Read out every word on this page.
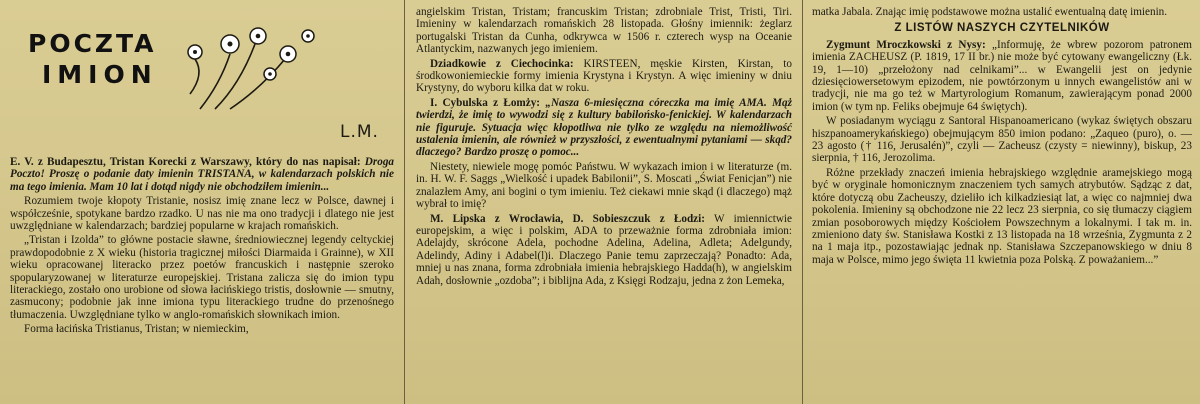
POCZTA
IMION
L.M.

E. V. z Budapesztu, Tristan Korecki z Warszawy, który do nas napisał: Droga Poczto! Proszę o podanie daty imienin TRISTANA, w kalendarzach polskich nie ma tego imienia. Mam 10 lat i dotąd nigdy nie obchodziłem imienin...

Rozumiem twoje kłopoty Tristanie, nosisz imię znane lecz w Polsce, dawnej i współcześnie, spotykane bardzo rzadko. U nas nie ma ono tradycji i dlatego nie jest uwzględniane w kalendarzach; bardziej popularne w krajach romańskich.

„Tristan i Izolda” to główne postacie sławne, średniowiecznej legendy celtyckiej prawdopodobnie z X wieku (historia tragicznej miłości Diarmaida i Grainne), w XII wieku opracowanej literacko przez poetów francuskich i następnie szeroko spopularyzowanej w literaturze europejskiej. Tristana zalicza się do imion typu literackiego, zostało ono urobione od słowa łacińskiego tristis, dosłownie — smutny, zasmucony; podobnie jak inne imiona typu literackiego trudne do przenośnego tłumaczenia. Uwzględniane tylko w anglo-romańskich słownikach imion.

Forma łacińska Tristianus, Tristan; w niemieckim,

angielskim Tristan, Tristam; francuskim Tristan; zdrobniale Trist, Tristi, Tiri. Imieniny w kalendarzach romańskich 28 listopada. Głośny imiennik: żeglarz portugalski Tristan da Cunha, odkrywca w 1506 r. czterech wysp na Oceanie Atlantyckim, nazwanych jego imieniem.

Dziadkowie z Ciechocinka: KIRSTEEN, męskie Kirsten, Kirstan, to środkowoniemieckie formy imienia Krystyna i Krystyn. A więc imieniny w dniu Krystyny, do wyboru kilka dat w roku.

I. Cybulska z Łomży: „Nasza 6-miesięczna córeczka ma imię AMA. Mąż twierdzi, że imię to wywodzi się z kultury babilońsko-fenickiej. W kalendarzach nie figuruje. Sytuacja więc kłopotliwa nie tylko ze względu na niemożliwość ustalenia imienin, ale również w przyszłości, z ewentualnymi pytaniami — skąd? dlaczego? Bardzo proszę o pomoc...

Niestety, niewiele mogę pomóc Państwu. W wykazach imion i w literaturze (m. in. H. W. F. Saggs „Wielkość i upadek Babilonii”, S. Moscati „Świat Fenicjan”) nie znalazłem Amy, ani bogini o tym imieniu. Też ciekawi mnie skąd (i dlaczego) mąż wybrał to imię?

M. Lipska z Wrocławia, D. Sobieszczuk z Łodzi: W imiennictwie europejskim, a więc i polskim, ADA to przeważnie forma zdrobniała imion: Adelajdy, skrócone Adela, pochodne Adelina, Adelina, Adleta; Adelgundy, Adelindy, Adiny i Adabel(l)i. Dlaczego Panie temu zaprzeczają? Ponadto: Ada, mniej u nas znana, forma zdrobniała imienia hebrajskiego Hadda(h), w angielskim Adah, dosłownie „ozdoba”; i biblijna Ada, z Księgi Rodzaju, jedna z żon Lemeka,

matka Jabala. Znając imię podstawowe można ustalić ewentualną datę imienin.

Z LISTÓW NASZYCH CZYTELNIKÓW

Zygmunt Mroczkowski z Nysy: „Informuję, że wbrew pozorom patronem imienia ZACHEUSZ (P. 1819, 17 II br.) nie może być cytowany ewangeliczny (Łk. 19, 1—10) „przełożony nad celnikami”... w Ewangelii jest on jedynie dziesięciowersetowym epizodem, nie powtórzonym u innych ewangelistów ani w tradycji, nie ma go też w Martyrologium Romanum, zawierającym ponad 2000 imion (w tym np. Feliks obejmuje 64 świętych).

W posiadanym wyciągu z Santoral Hispanoamericano (wykaz świętych obszaru hiszpanoamerykańskiego) obejmującym 850 imion podano: „Zaqueo (puro), o. — 23 agosto († 116, Jerusalén)”, czyli — Zacheusz (czysty = niewinny), biskup, 23 sierpnia, † 116, Jerozolima.

Różne przekłady znaczeń imienia hebrajskiego względnie aramejskiego mogą być w oryginale homonicznym znaczeniem tych samych atrybutów. Sądząc z dat, które dotyczą obu Zacheuszy, dzieliło ich kilkadziesiąt lat, a więc co najmniej dwa pokolenia. Imieniny są obchodzone nie 22 lecz 23 sierpnia, co się tłumaczy ciągiem zmian posoborowych między Kościołem Powszechnym a lokalnymi. I tak m. in. zmieniono daty św. Stanisława Kostki z 13 listopada na 18 września, Zygmunta z 2 na 1 maja itp., pozostawiając jednak np. Stanisława Szczepanowskiego w dniu 8 maja w Polsce, mimo jego święta 11 kwietnia poza Polską. Z poważaniem...”
